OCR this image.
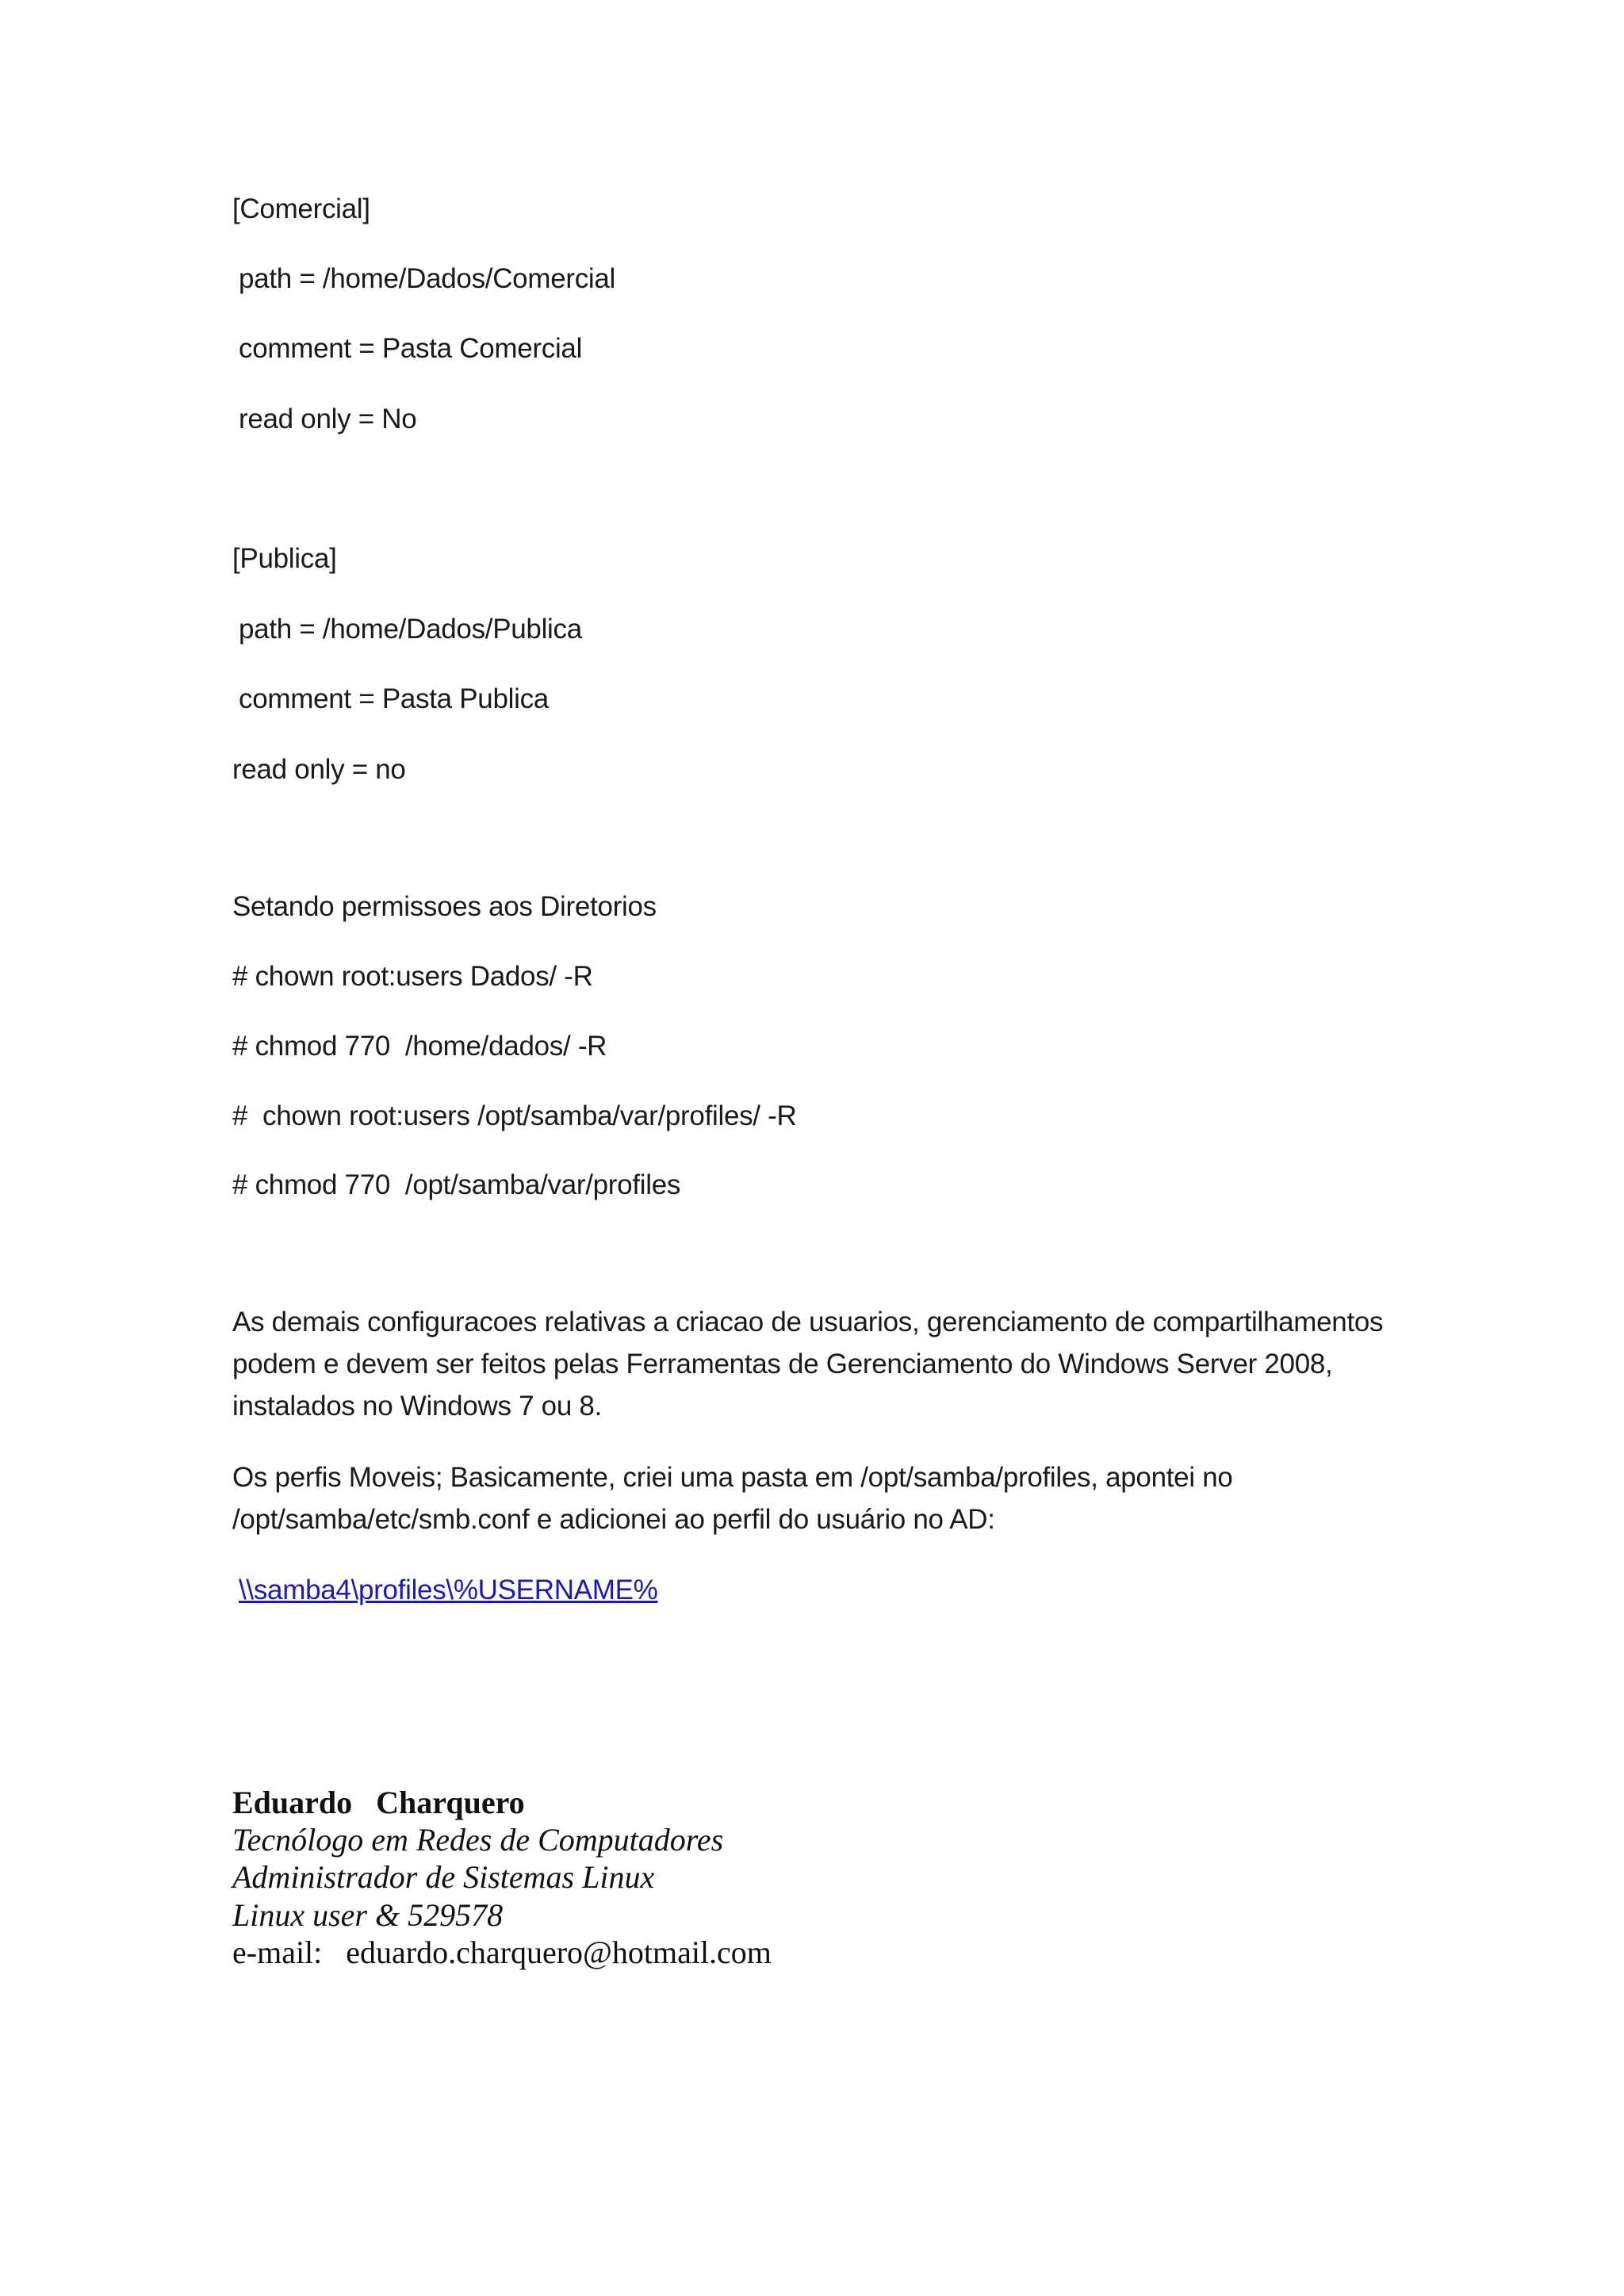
[Comercial]
path = /home/Dados/Comercial
comment = Pasta Comercial
read only = No
[Publica]
path = /home/Dados/Publica
comment = Pasta Publica
read only = no
Setando permissoes aos Diretorios
# chown root:users Dados/ -R
# chmod 770  /home/dados/ -R
#  chown root:users /opt/samba/var/profiles/ -R
# chmod 770  /opt/samba/var/profiles
As demais configuracoes relativas a criacao de usuarios, gerenciamento de compartilhamentos podem e devem ser feitos pelas Ferramentas de Gerenciamento do Windows Server 2008, instalados no Windows 7 ou 8.
Os perfis Moveis; Basicamente, criei uma pasta em /opt/samba/profiles, apontei no /opt/samba/etc/smb.conf e adicionei ao perfil do usuário no AD:
\\samba4\profiles\%USERNAME%
Eduardo   Charquero
Tecnólogo em Redes de Computadores
Administrador de Sistemas Linux
Linux user & 529578
e-mail:   eduardo.charquero@hotmail.com
